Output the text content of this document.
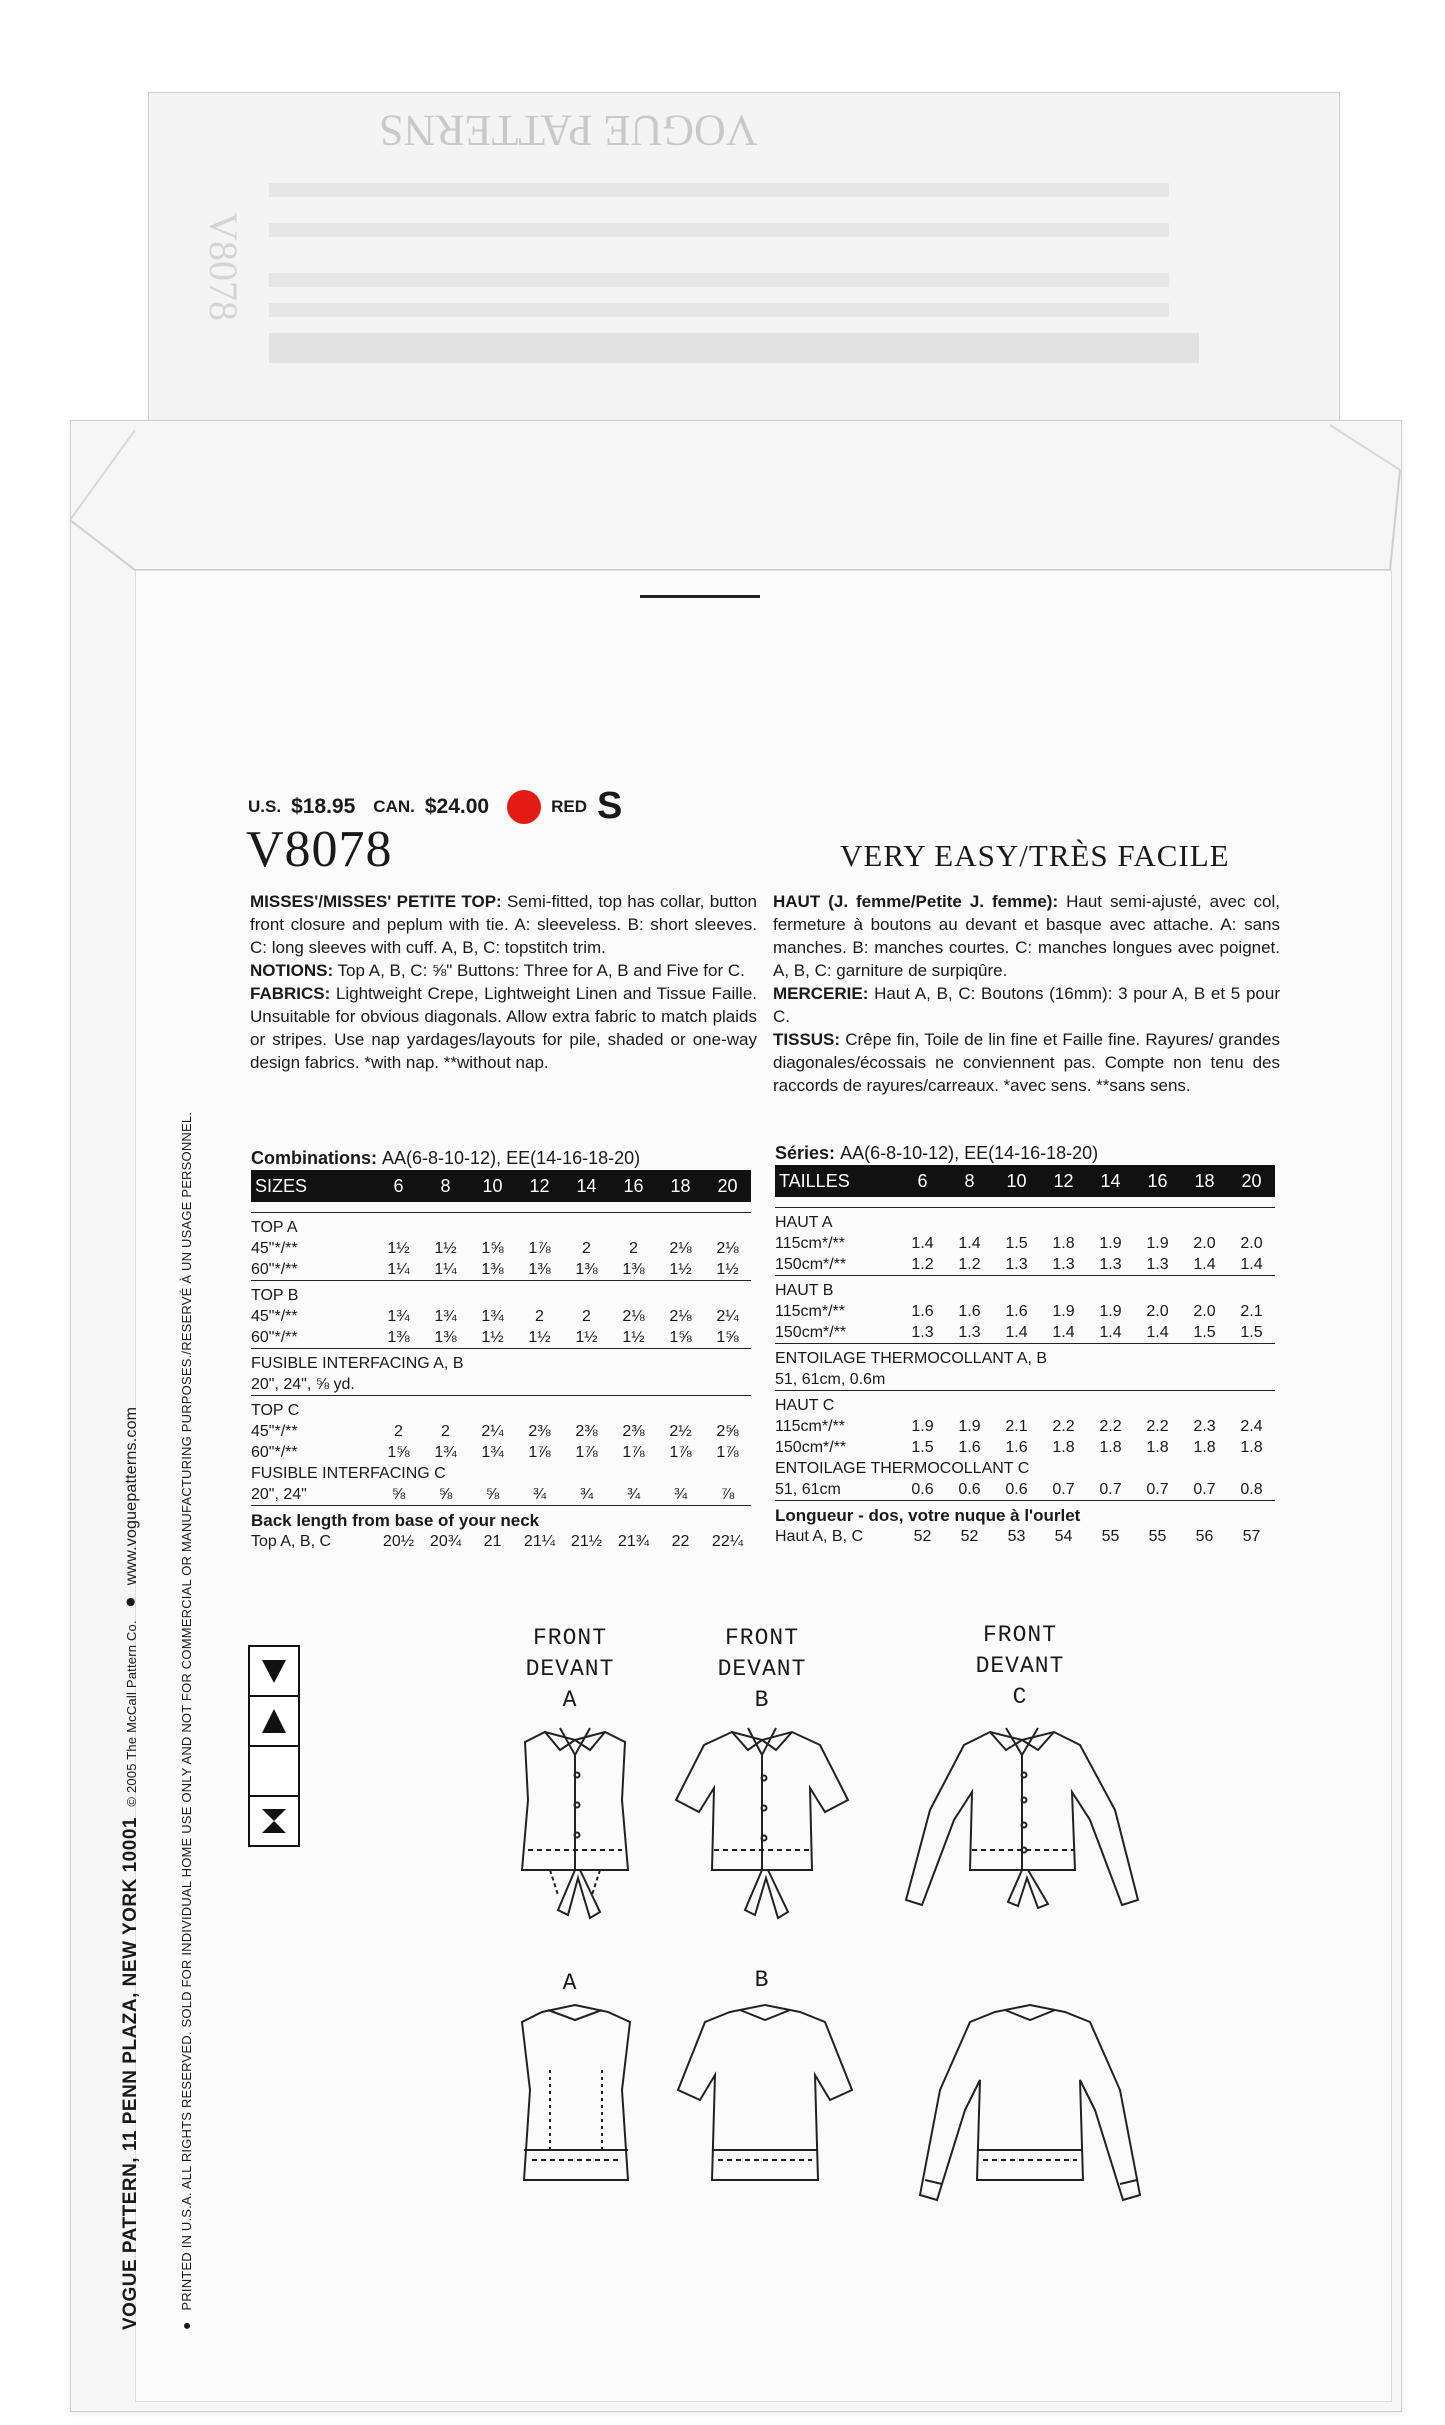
VOGUE PATTERNS
V8078
VOGUE PATTERN, 11 PENN PLAZA, NEW YORK 10001 © 2005 The McCall Pattern Co. ● www.voguepatterns.com
● PRINTED IN U.S.A. ALL RIGHTS RESERVED. SOLD FOR INDIVIDUAL HOME USE ONLY AND NOT FOR COMMERCIAL OR MANUFACTURING PURPOSES./RESERVÉ À UN USAGE PERSONNEL.
U.S. $18.95 CAN. $24.00	RED S
V8078	VERY EASY/TRÈS FACILE
MISSES'/MISSES' PETITE TOP: Semi-fitted, top has collar, button front closure and peplum with tie. A: sleeveless. B: short sleeves. C: long sleeves with cuff. A, B, C: topstitch trim.
NOTIONS: Top A, B, C: ⅝" Buttons: Three for A, B and Five for C.
FABRICS: Lightweight Crepe, Lightweight Linen and Tissue Faille. Unsuitable for obvious diagonals. Allow extra fabric to match plaids or stripes. Use nap yardages/layouts for pile, shaded or one-way design fabrics. *with nap. **without nap.
HAUT (J. femme/Petite J. femme): Haut semi-ajusté, avec col, fermeture à boutons au devant et basque avec attache. A: sans manches. B: manches courtes. C: manches longues avec poignet. A, B, C: garniture de surpiqûre.
MERCERIE: Haut A, B, C: Boutons (16mm): 3 pour A, B et 5 pour C.
TISSUS: Crêpe fin, Toile de lin fine et Faille fine. Rayures/ grandes diagonales/écossais ne conviennent pas. Compte non tenu des raccords de rayures/carreaux. *avec sens. **sans sens.
Combinations: AA(6-8-10-12), EE(14-16-18-20)	Séries: AA(6-8-10-12), EE(14-16-18-20)
SIZES	6	8	10	12	14	16	18	20

TOP A								
45"*/**	1½	1½	1⅝	1⅞	2	2	2⅛	2⅛
60"*/**	1¼	1¼	1⅜	1⅜	1⅜	1⅜	1½	1½
TOP B								
45"*/**	1¾	1¾	1¾	2	2	2⅛	2⅛	2¼
60"*/**	1⅜	1⅜	1½	1½	1½	1½	1⅝	1⅝
FUSIBLE INTERFACING A, B								
20", 24", ⅝ yd.								
TOP C								
45"*/**	2	2	2¼	2⅜	2⅜	2⅜	2½	2⅝
60"*/**	1⅝	1¾	1¾	1⅞	1⅞	1⅞	1⅞	1⅞
FUSIBLE INTERFACING C								
20", 24"	⅝	⅝	⅝	¾	¾	¾	¾	⅞
Back length from base of your neck								
Top A, B, C	20½	20¾	21	21¼	21½	21¾	22	22¼
TAILLES	6	8	10	12	14	16	18	20

HAUT A								
115cm*/**	1.4	1.4	1.5	1.8	1.9	1.9	2.0	2.0
150cm*/**	1.2	1.2	1.3	1.3	1.3	1.3	1.4	1.4
HAUT B								
115cm*/**	1.6	1.6	1.6	1.9	1.9	2.0	2.0	2.1
150cm*/**	1.3	1.3	1.4	1.4	1.4	1.4	1.5	1.5
ENTOILAGE THERMOCOLLANT A, B								
51, 61cm, 0.6m								
HAUT C								
115cm*/**	1.9	1.9	2.1	2.2	2.2	2.2	2.3	2.4
150cm*/**	1.5	1.6	1.6	1.8	1.8	1.8	1.8	1.8
ENTOILAGE THERMOCOLLANT C								
51, 61cm	0.6	0.6	0.6	0.7	0.7	0.7	0.7	0.8
Longueur - dos, votre nuque à l'ourlet								
Haut A, B, C	52	52	53	54	55	55	56	57
FRONT
DEVANT
A
FRONT
DEVANT
B
FRONT
DEVANT
C
A	B
